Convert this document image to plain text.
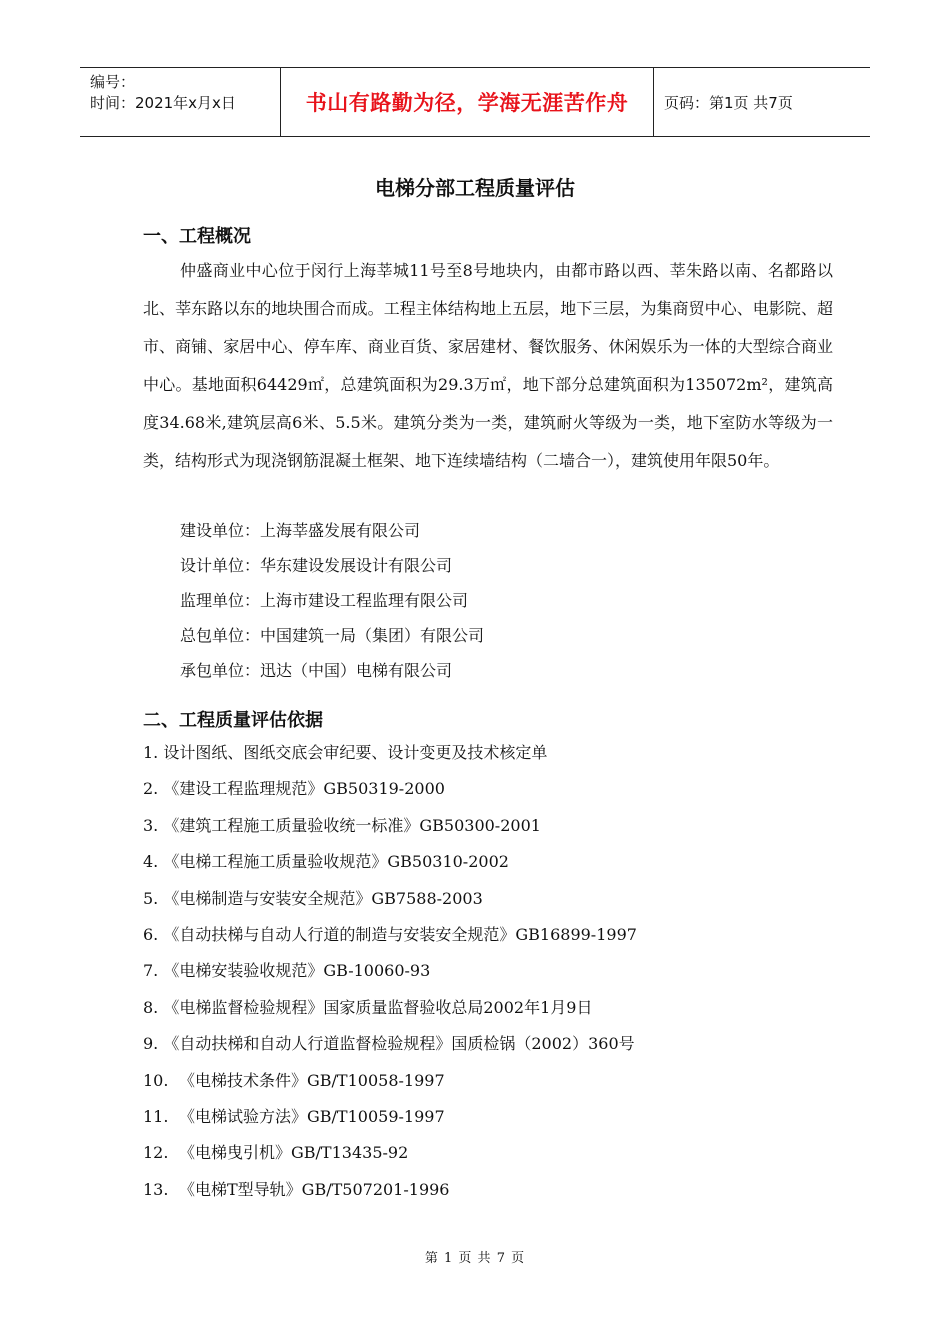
编号：
时间：2021年x月x日	书山有路勤为径，学海无涯苦作舟	页码：第1页 共7页
电梯分部工程质量评估
一、工程概况

仲盛商业中心位于闵行上海莘城11号至8号地块内，由都市路以西、莘朱路以南、名都路以北、莘东路以东的地块围合而成。工程主体结构地上五层，地下三层，为集商贸中心、电影院、超市、商铺、家居中心、停车库、商业百货、家居建材、餐饮服务、休闲娱乐为一体的大型综合商业中心。基地面积64429㎡，总建筑面积为29.3万㎡，地下部分总建筑面积为135072m²，建筑高度34.68米,建筑层高6米、5.5米。建筑分类为一类，建筑耐火等级为一类，地下室防水等级为一类，结构形式为现浇钢筋混凝土框架、地下连续墙结构（二墙合一），建筑使用年限50年。

建设单位：上海莘盛发展有限公司
设计单位：华东建设发展设计有限公司
监理单位：上海市建设工程监理有限公司
总包单位：中国建筑一局（集团）有限公司
承包单位：迅达（中国）电梯有限公司
二、工程质量评估依据
1. 设计图纸、图纸交底会审纪要、设计变更及技术核定单
2. 《建设工程监理规范》GB50319-2000
3. 《建筑工程施工质量验收统一标准》GB50300-2001
4. 《电梯工程施工质量验收规范》GB50310-2002
5. 《电梯制造与安装安全规范》GB7588-2003
6. 《自动扶梯与自动人行道的制造与安装安全规范》GB16899-1997
7. 《电梯安装验收规范》GB-10060-93
8. 《电梯监督检验规程》国家质量监督验收总局2002年1月9日
9. 《自动扶梯和自动人行道监督检验规程》国质检锅（2002）360号
10. 《电梯技术条件》GB/T10058-1997
11. 《电梯试验方法》GB/T10059-1997
12. 《电梯曳引机》GB/T13435-92
13. 《电梯T型导轨》GB/T507201-1996
第 1 页 共 7 页
